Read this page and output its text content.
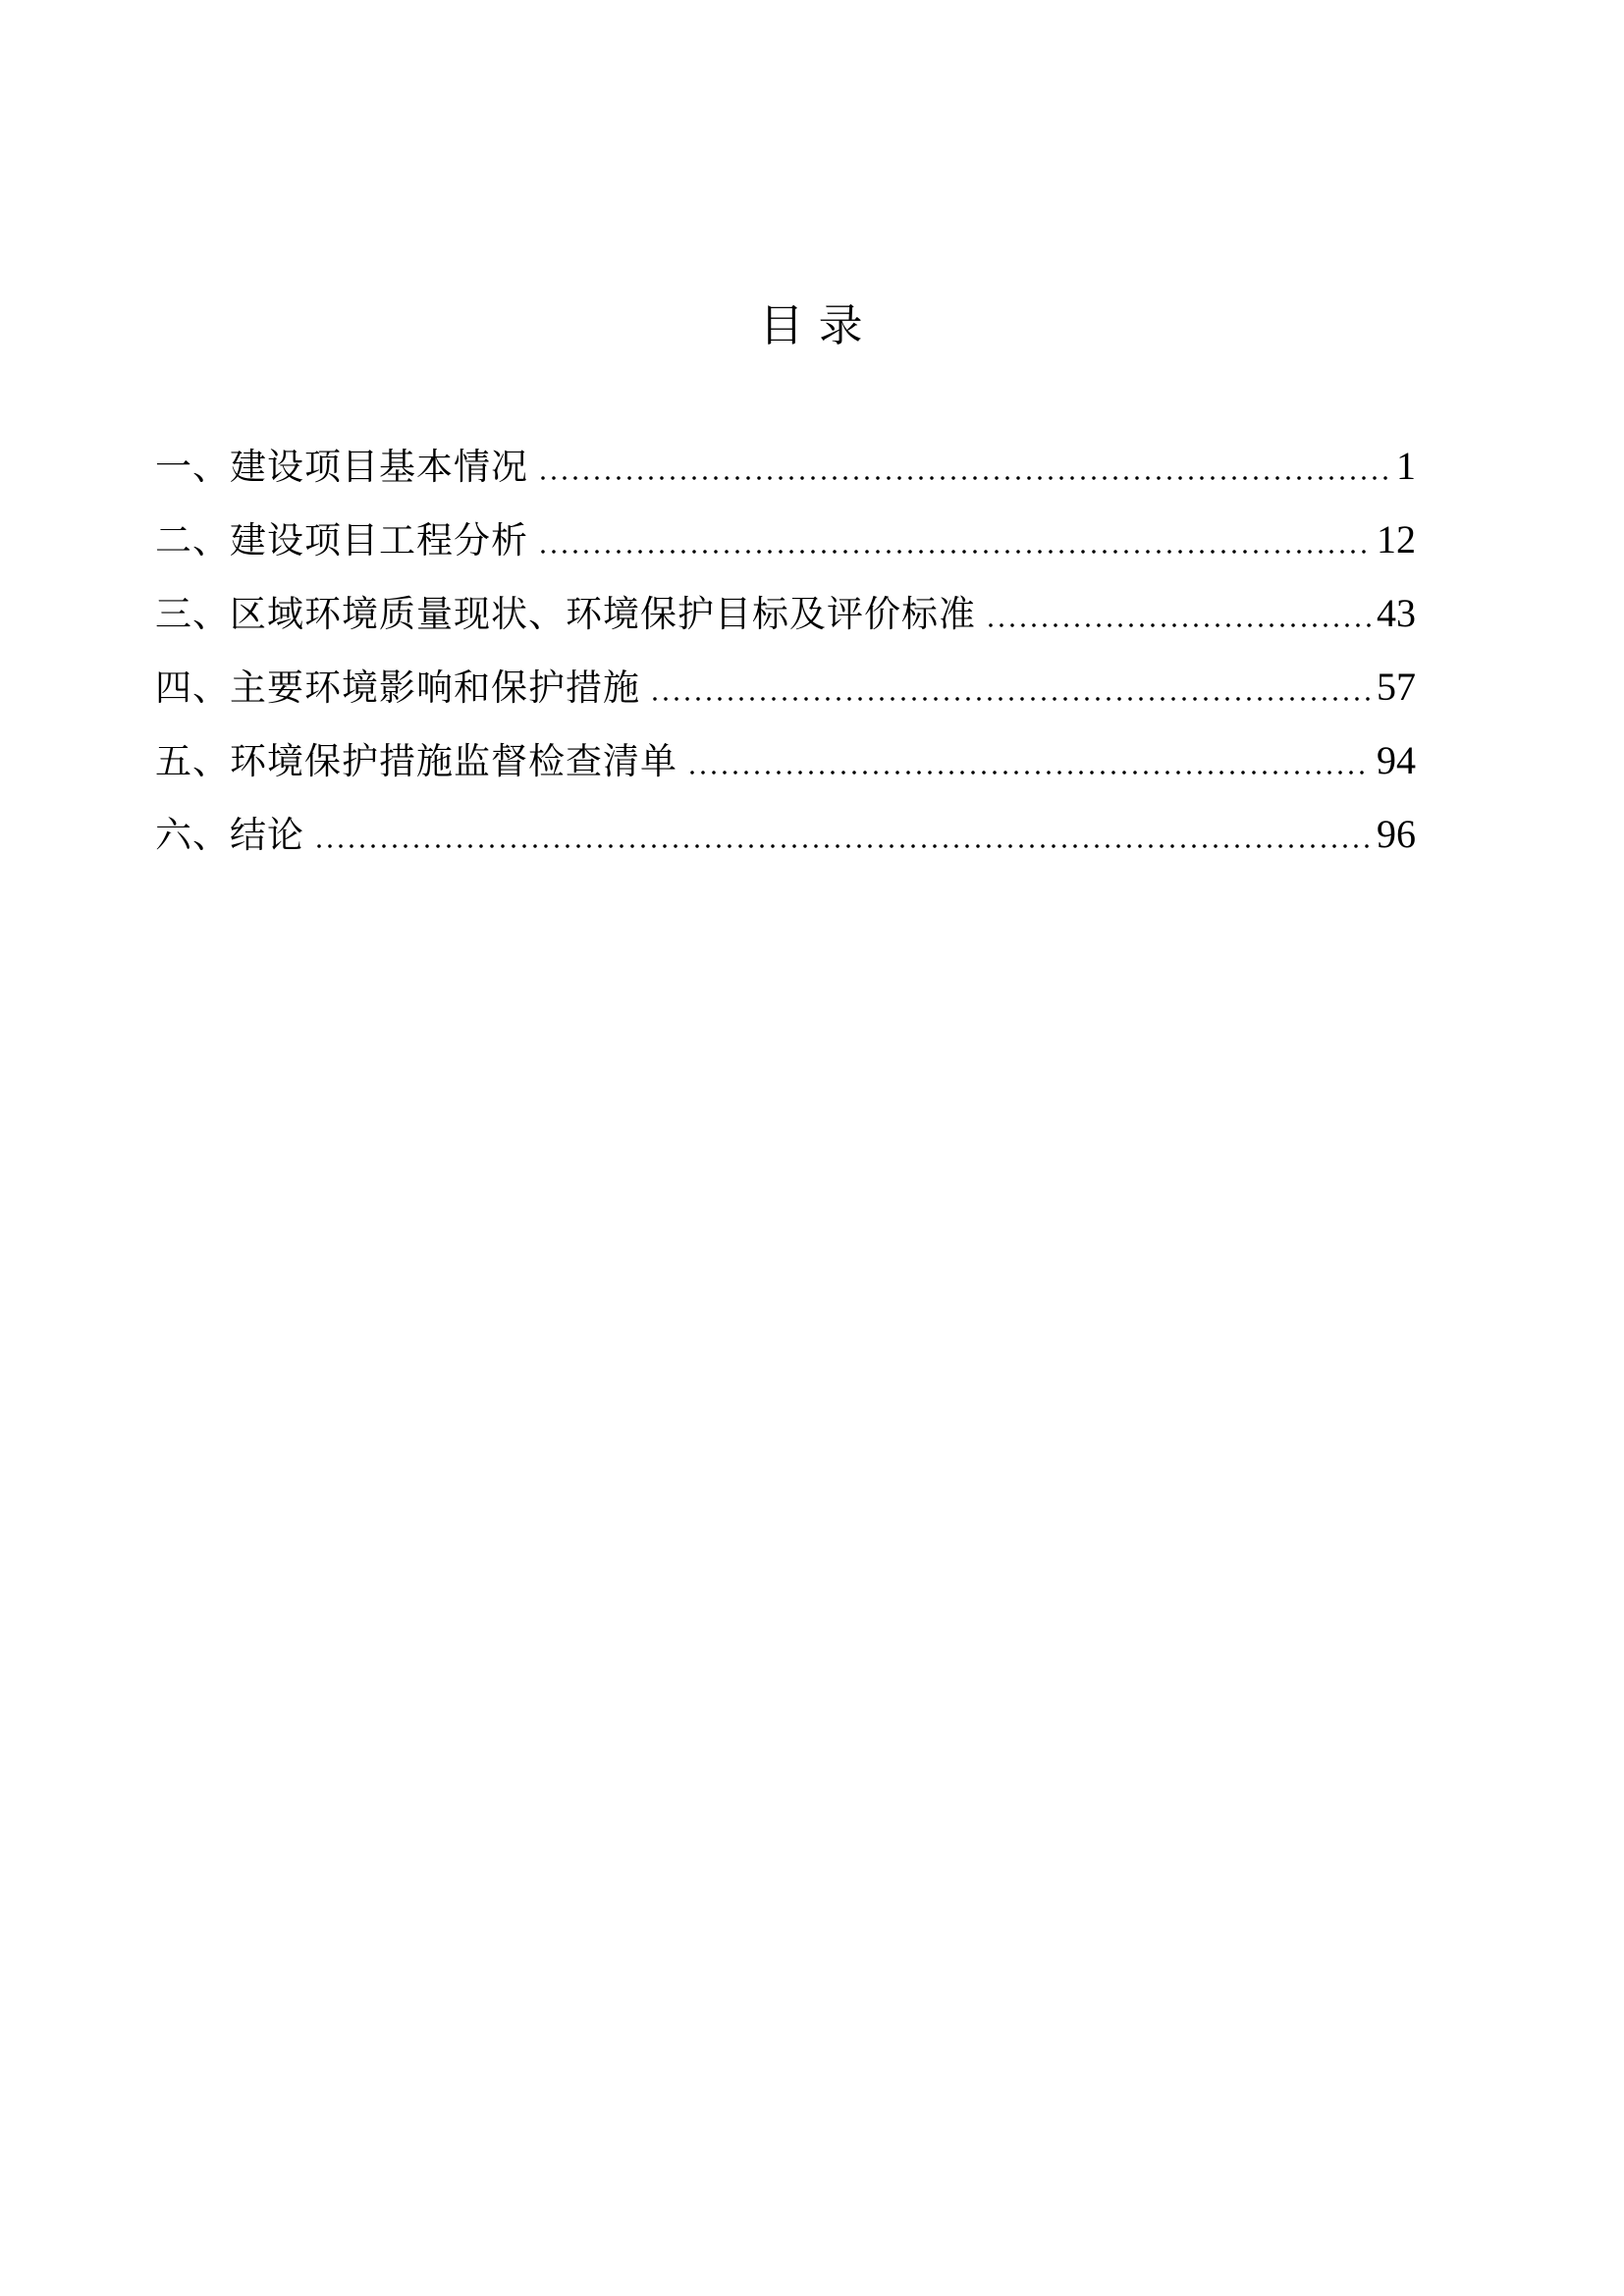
目 录
一、建设项目基本情况	1
二、建设项目工程分析	12
三、区域环境质量现状、环境保护目标及评价标准	43
四、主要环境影响和保护措施	57
五、环境保护措施监督检查清单	94
六、结论	96
